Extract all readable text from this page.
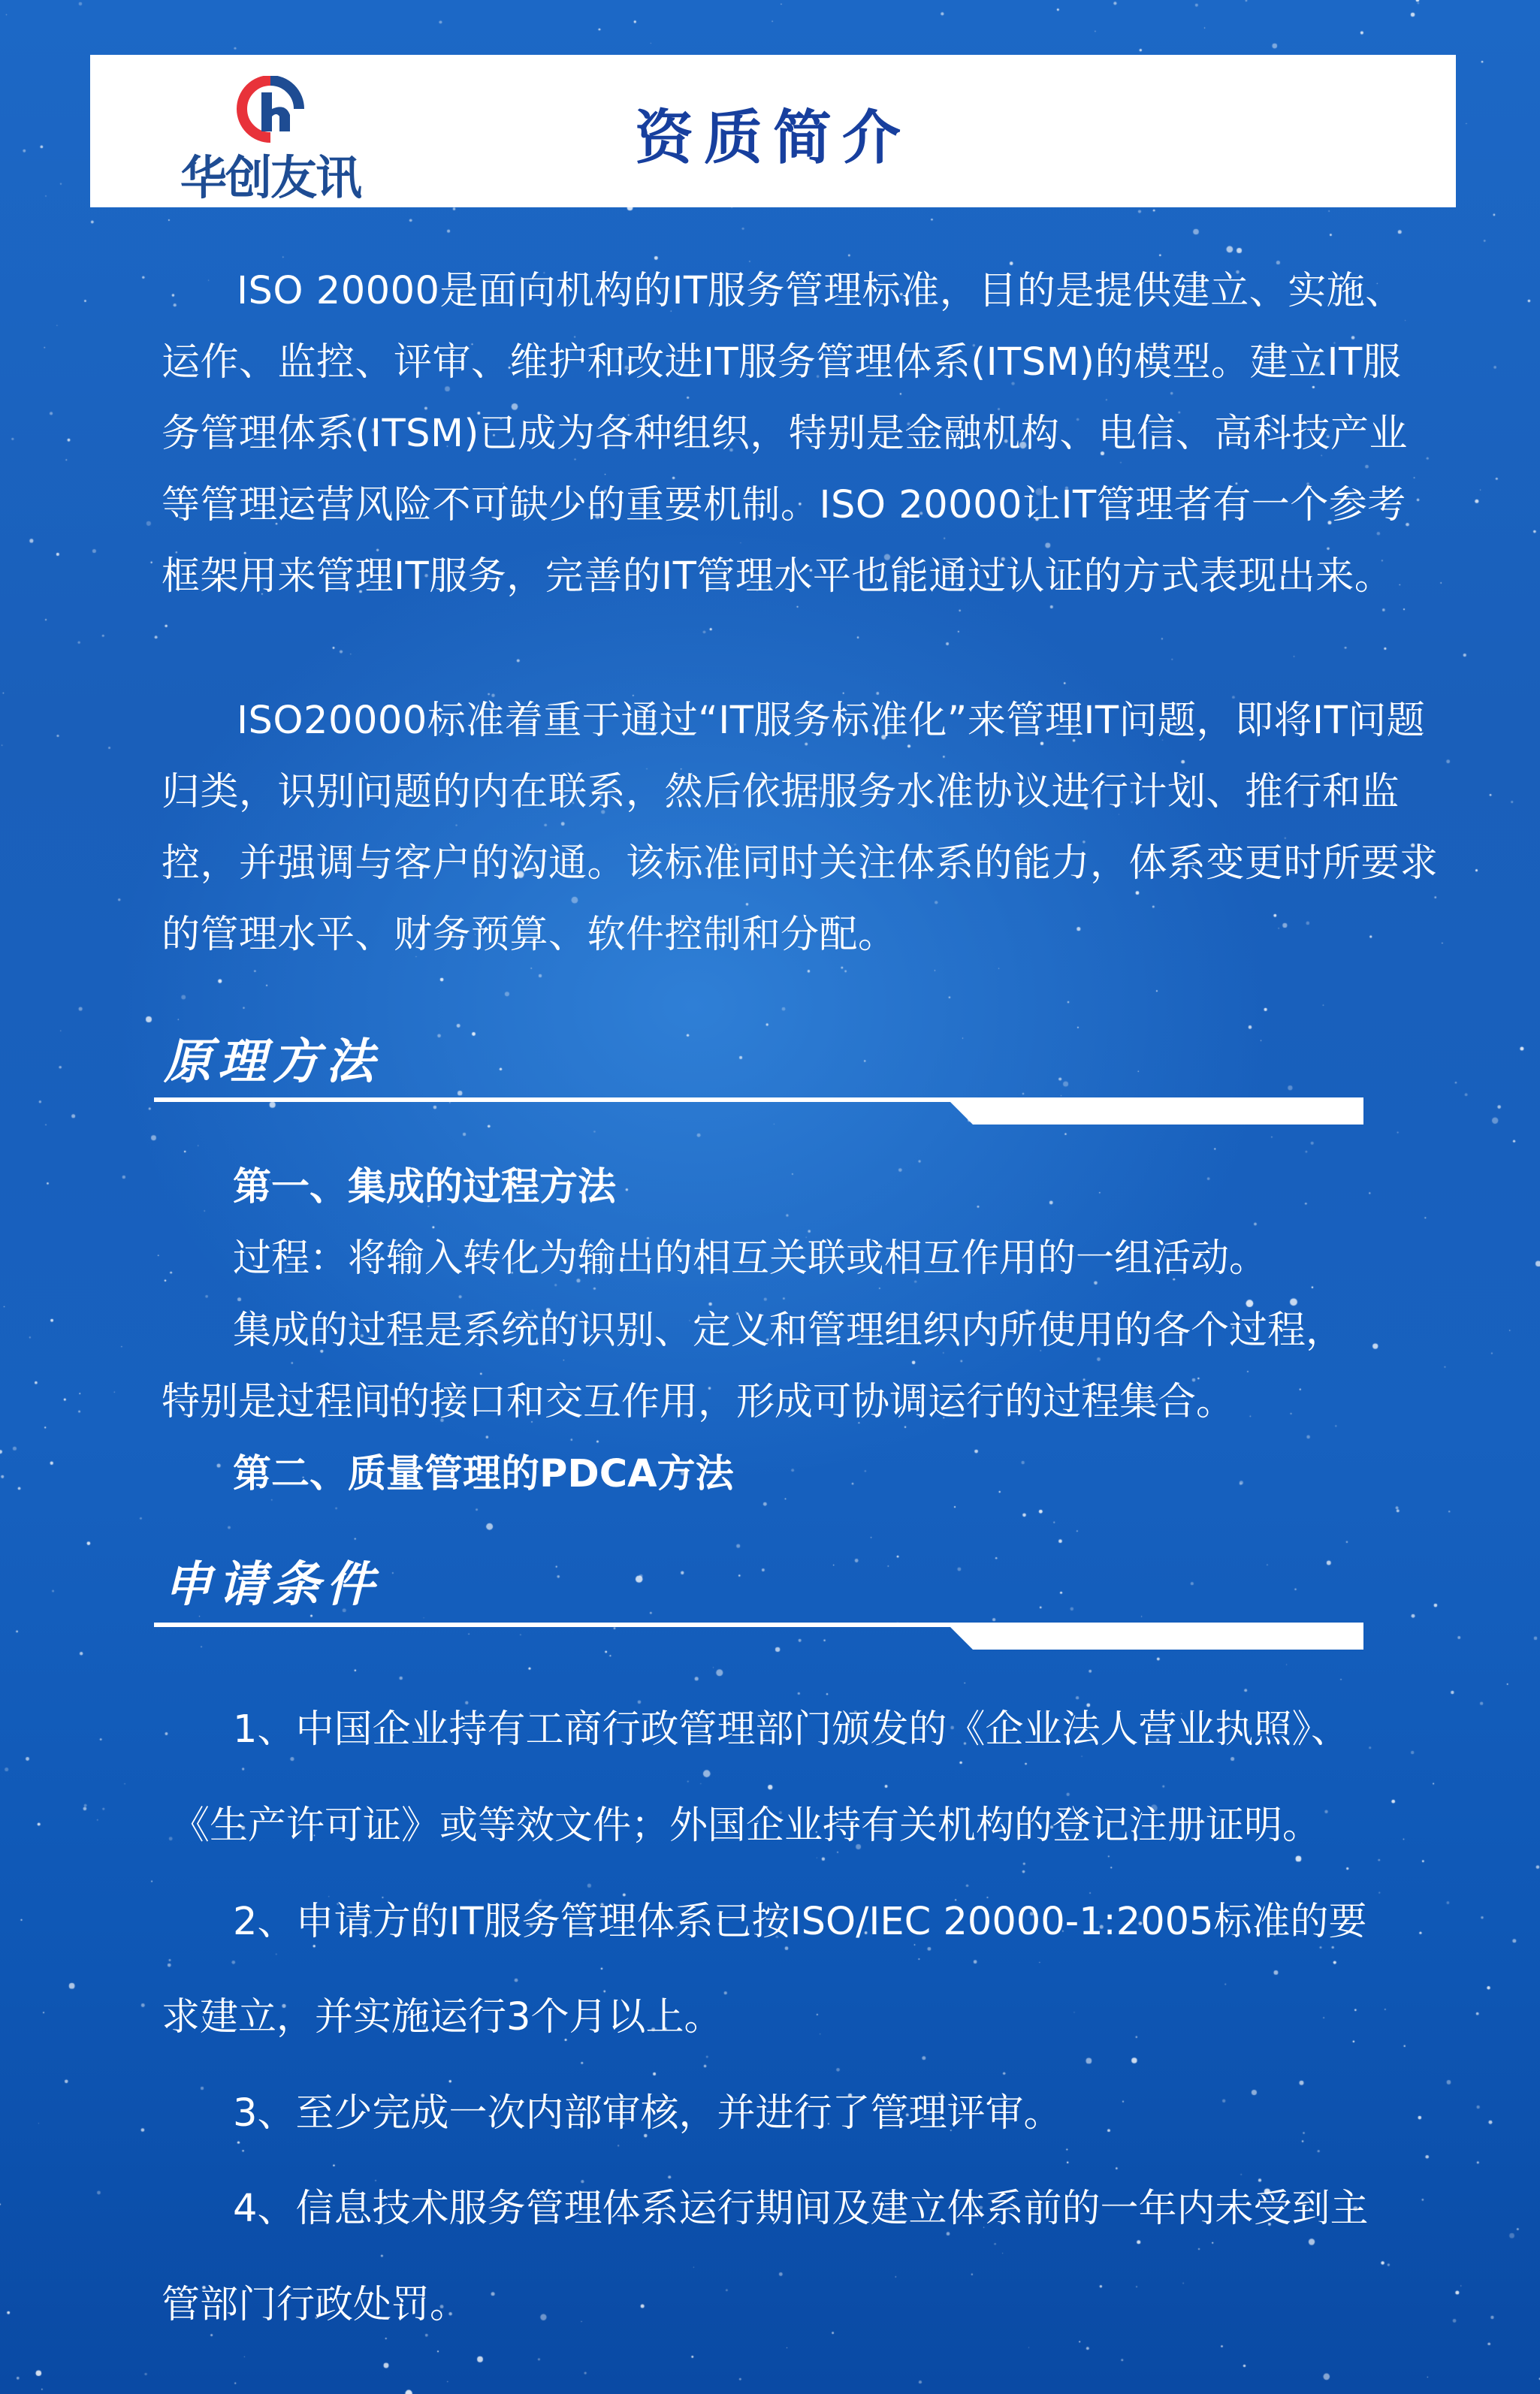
华创友讯
资质简介

ISO 20000是面向机构的IT服务管理标准，目的是提供建立、实施、运作、监控、评审、维护和改进IT服务管理体系(ITSM)的模型。建立IT服务管理体系(ITSM)已成为各种组织，特别是金融机构、电信、高科技产业等管理运营风险不可缺少的重要机制。ISO 20000让IT管理者有一个参考框架用来管理IT服务，完善的IT管理水平也能通过认证的方式表现出来。

ISO20000标准着重于通过“IT服务标准化”来管理IT问题，即将IT问题归类，识别问题的内在联系，然后依据服务水准协议进行计划、推行和监控，并强调与客户的沟通。该标准同时关注体系的能力，体系变更时所要求的管理水平、财务预算、软件控制和分配。

原理方法
第一、集成的过程方法
过程：将输入转化为输出的相互关联或相互作用的一组活动。
集成的过程是系统的识别、定义和管理组织内所使用的各个过程，
特别是过程间的接口和交互作用，形成可协调运行的过程集合。
第二、质量管理的PDCA方法
申请条件
1、中国企业持有工商行政管理部门颁发的《企业法人营业执照》、
《生产许可证》或等效文件；外国企业持有关机构的登记注册证明。
2、申请方的IT服务管理体系已按ISO/IEC 20000-1:2005标准的要
求建立，并实施运行3个月以上。
3、至少完成一次内部审核，并进行了管理评审。
4、信息技术服务管理体系运行期间及建立体系前的一年内未受到主
管部门行政处罚。
